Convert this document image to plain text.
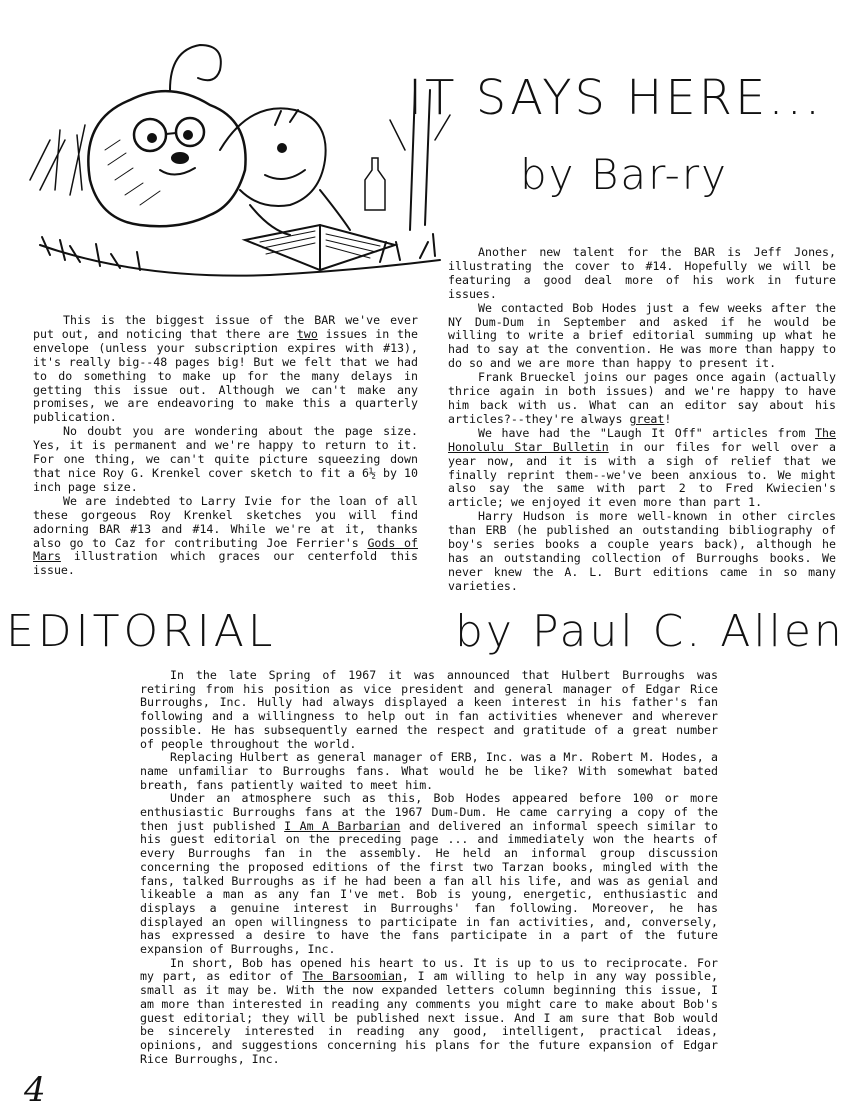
IT SAYS HERE...
by Bar-ry

This is the biggest issue of the BAR we've ever put out, and noticing that there are two issues in the envelope (unless your subscription expires with #13), it's really big--48 pages big! But we felt that we had to do something to make up for the many delays in getting this issue out. Although we can't make any promises, we are endeavoring to make this a quarterly publication.

No doubt you are wondering about the page size. Yes, it is permanent and we're happy to return to it. For one thing, we can't quite picture squeezing down that nice Roy G. Krenkel cover sketch to fit a 6½ by 10 inch page size.

We are indebted to Larry Ivie for the loan of all these gorgeous Roy Krenkel sketches you will find adorning BAR #13 and #14. While we're at it, thanks also go to Caz for contributing Joe Ferrier's Gods of Mars illustration which graces our centerfold this issue.

Another new talent for the BAR is Jeff Jones, illustrating the cover to #14. Hopefully we will be featuring a good deal more of his work in future issues.

We contacted Bob Hodes just a few weeks after the NY Dum-Dum in September and asked if he would be willing to write a brief editorial summing up what he had to say at the convention. He was more than happy to do so and we are more than happy to present it.

Frank Brueckel joins our pages once again (actually thrice again in both issues) and we're happy to have him back with us. What can an editor say about his articles?--they're always great!

We have had the "Laugh It Off" articles from The Honolulu Star Bulletin in our files for well over a year now, and it is with a sigh of relief that we finally reprint them--we've been anxious to. We might also say the same with part 2 to Fred Kwiecien's article; we enjoyed it even more than part 1.

Harry Hudson is more well-known in other circles than ERB (he published an outstanding bibliography of boy's series books a couple years back), although he has an outstanding collection of Burroughs books. We never knew the A. L. Burt editions came in so many varieties.

EDITORIAL	by Paul C. Allen

In the late Spring of 1967 it was announced that Hulbert Burroughs was retiring from his position as vice president and general manager of Edgar Rice Burroughs, Inc. Hully had always displayed a keen interest in his father's fan following and a willingness to help out in fan activities whenever and wherever possible. He has subsequently earned the respect and gratitude of a great number of people throughout the world.

Replacing Hulbert as general manager of ERB, Inc. was a Mr. Robert M. Hodes, a name unfamiliar to Burroughs fans. What would he be like? With somewhat bated breath, fans patiently waited to meet him.

Under an atmosphere such as this, Bob Hodes appeared before 100 or more enthusiastic Burroughs fans at the 1967 Dum-Dum. He came carrying a copy of the then just published I Am A Barbarian and delivered an informal speech similar to his guest editorial on the preceding page ... and immediately won the hearts of every Burroughs fan in the assembly. He held an informal group discussion concerning the proposed editions of the first two Tarzan books, mingled with the fans, talked Burroughs as if he had been a fan all his life, and was as genial and likeable a man as any fan I've met. Bob is young, energetic, enthusiastic and displays a genuine interest in Burroughs' fan following. Moreover, he has displayed an open willingness to participate in fan activities, and, conversely, has expressed a desire to have the fans participate in a part of the future expansion of Burroughs, Inc.

In short, Bob has opened his heart to us. It is up to us to reciprocate. For my part, as editor of The Barsoomian, I am willing to help in any way possible, small as it may be. With the now expanded letters column beginning this issue, I am more than interested in reading any comments you might care to make about Bob's guest editorial; they will be published next issue. And I am sure that Bob would be sincerely interested in reading any good, intelligent, practical ideas, opinions, and suggestions concerning his plans for the future expansion of Edgar Rice Burroughs, Inc.

4
